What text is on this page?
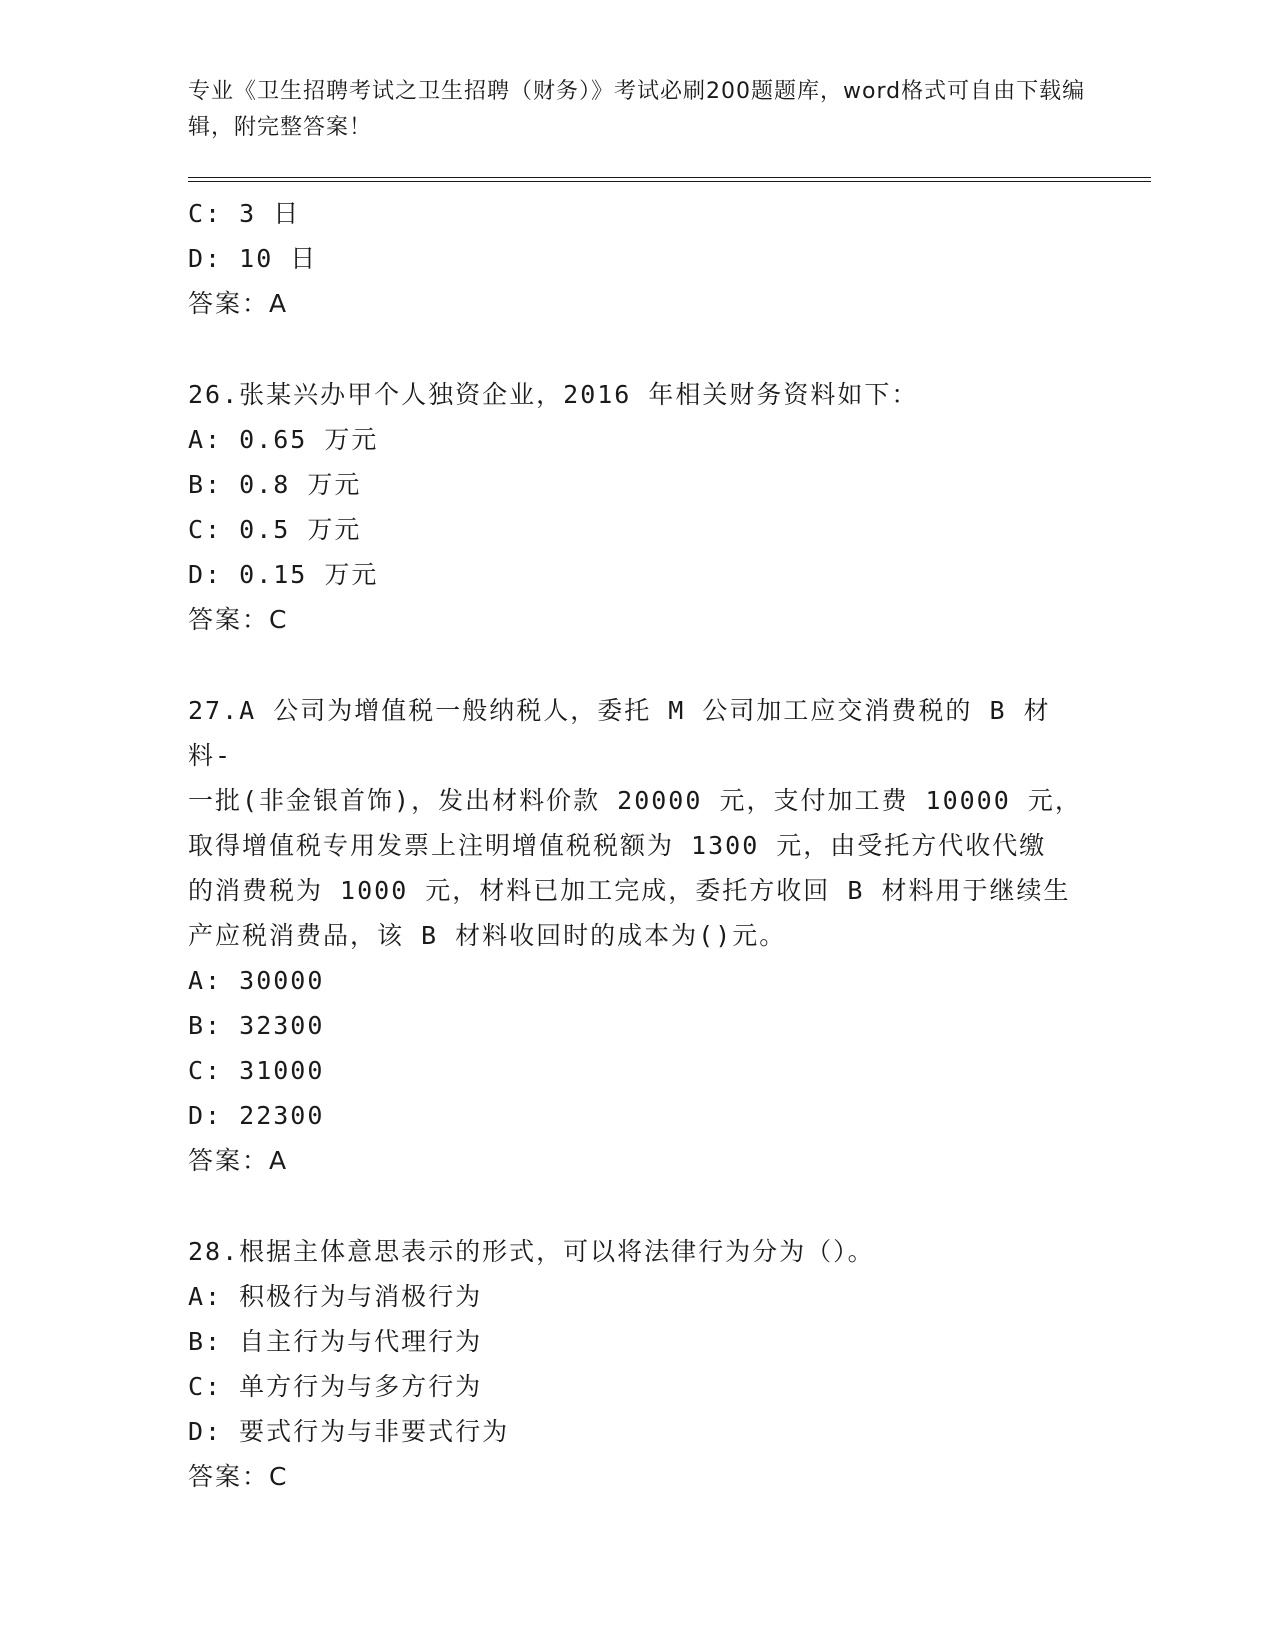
专业《卫生招聘考试之卫生招聘（财务）》考试必刷200题题库，word格式可自由下载编辑，附完整答案！
C: 3 日
D: 10 日
答案：A
26.张某兴办甲个人独资企业，2016 年相关财务资料如下：
A: 0.65 万元
B: 0.8 万元
C: 0.5 万元
D: 0.15 万元
答案：C
27.A 公司为增值税一般纳税人，委托 M 公司加工应交消费税的 B 材料-
一批(非金银首饰)，发出材料价款 20000 元，支付加工费 10000 元，
取得增值税专用发票上注明增值税税额为 1300 元，由受托方代收代缴
的消费税为 1000 元，材料已加工完成，委托方收回 B 材料用于继续生
产应税消费品，该 B 材料收回时的成本为()元。
A: 30000
B: 32300
C: 31000
D: 22300
答案：A
28.根据主体意思表示的形式，可以将法律行为分为（）。
A: 积极行为与消极行为
B: 自主行为与代理行为
C: 单方行为与多方行为
D: 要式行为与非要式行为
答案：C
